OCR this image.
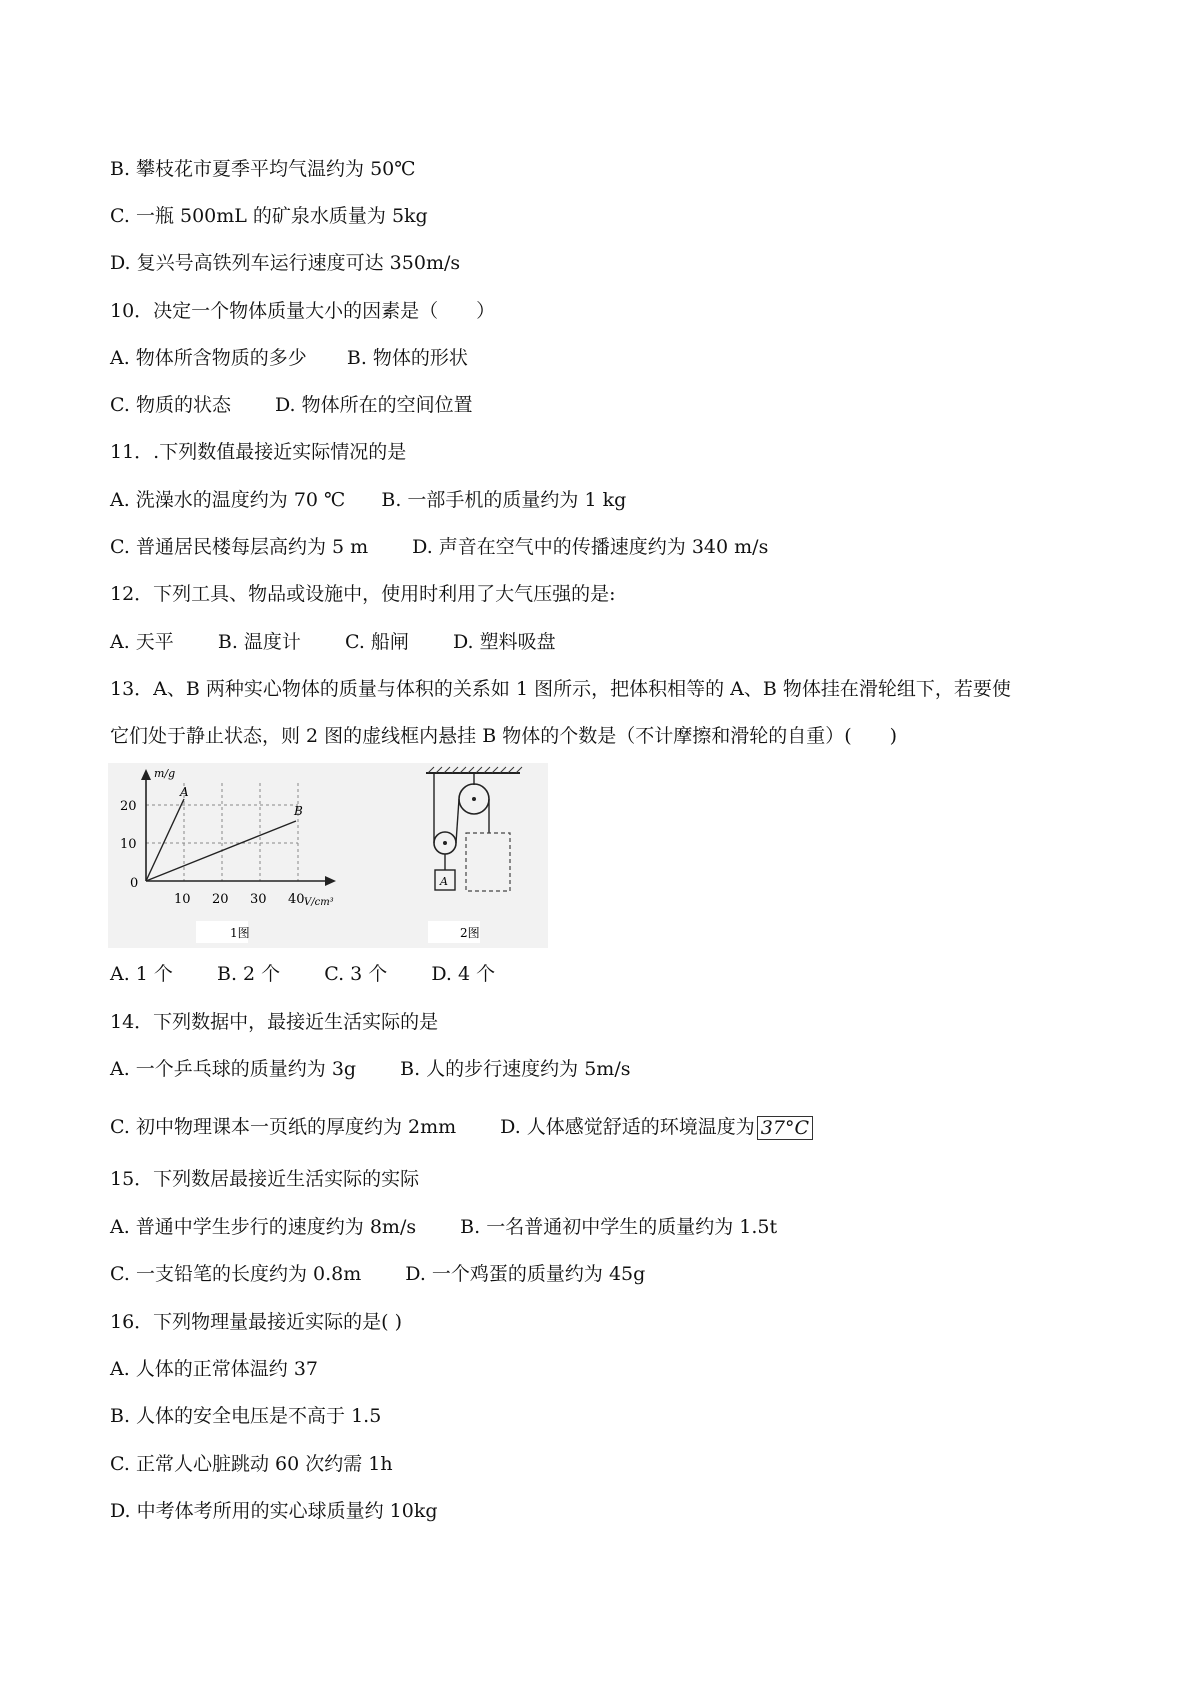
B. 攀枝花市夏季平均气温约为 50℃
C. 一瓶 500mL 的矿泉水质量为 5kg
D. 复兴号高铁列车运行速度可达 350m/s
10．决定一个物体质量大小的因素是（　　）
A. 物体所含物质的多少 B. 物体的形状
C. 物质的状态 D. 物体所在的空间位置
11．.下列数值最接近实际情况的是
A. 洗澡水的温度约为 70 ℃ B. 一部手机的质量约为 1 kg
C. 普通居民楼每层高约为 5 m D. 声音在空气中的传播速度约为 340 m/s
12．下列工具、物品或设施中，使用时利用了大气压强的是:
A. 天平 B. 温度计 C. 船闸 D. 塑料吸盘
13．A、B 两种实心物体的质量与体积的关系如 1 图所示，把体积相等的 A、B 物体挂在滑轮组下，若要使
它们处于静止状态，则 2 图的虚线框内悬挂 B 物体的个数是（不计摩擦和滑轮的自重）(　　)
m/g
V/cm³
20
10
0
10 20 30 40
A
B
1图
A
2图
A. 1 个 B. 2 个 C. 3 个 D. 4 个
14．下列数据中，最接近生活实际的是
A. 一个乒乓球的质量约为 3g B. 人的步行速度约为 5m/s
C. 初中物理课本一页纸的厚度约为 2mm D. 人体感觉舒适的环境温度为 37°C
15．下列数居最接近生活实际的实际
A. 普通中学生步行的速度约为 8m/s B. 一名普通初中学生的质量约为 1.5t
C. 一支铅笔的长度约为 0.8m D. 一个鸡蛋的质量约为 45g
16．下列物理量最接近实际的是( )
A. 人体的正常体温约 37
B. 人体的安全电压是不高于 1.5
C. 正常人心脏跳动 60 次约需 1h
D. 中考体考所用的实心球质量约 10kg
